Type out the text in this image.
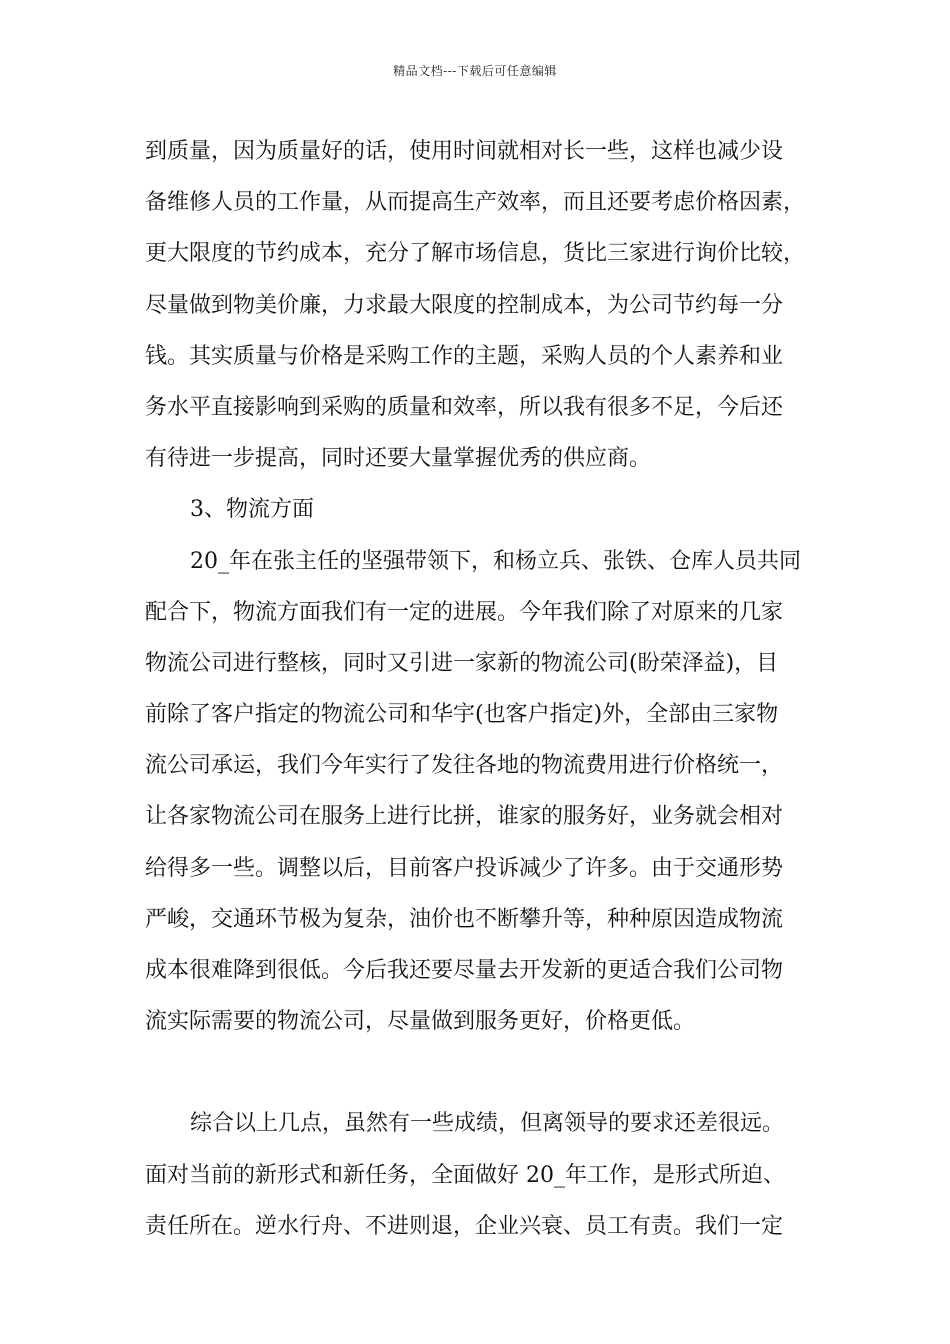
精品文档---下载后可任意编辑
到质量，因为质量好的话，使用时间就相对长一些，这样也减少设
备维修人员的工作量，从而提高生产效率，而且还要考虑价格因素，
更大限度的节约成本，充分了解市场信息，货比三家进行询价比较，
尽量做到物美价廉，力求最大限度的控制成本，为公司节约每一分
钱。其实质量与价格是采购工作的主题，采购人员的个人素养和业
务水平直接影响到采购的质量和效率，所以我有很多不足，今后还
有待进一步提高，同时还要大量掌握优秀的供应商。
3、物流方面
20_年在张主任的坚强带领下，和杨立兵、张铁、仓库人员共同
配合下，物流方面我们有一定的进展。今年我们除了对原来的几家
物流公司进行整核，同时又引进一家新的物流公司(盼荣泽益)，目
前除了客户指定的物流公司和华宇(也客户指定)外，全部由三家物
流公司承运，我们今年实行了发往各地的物流费用进行价格统一，
让各家物流公司在服务上进行比拼，谁家的服务好，业务就会相对
给得多一些。调整以后，目前客户投诉减少了许多。由于交通形势
严峻，交通环节极为复杂，油价也不断攀升等，种种原因造成物流
成本很难降到很低。今后我还要尽量去开发新的更适合我们公司物
流实际需要的物流公司，尽量做到服务更好，价格更低。
综合以上几点，虽然有一些成绩，但离领导的要求还差很远。
面对当前的新形式和新任务，全面做好 20_年工作，是形式所迫、
责任所在。逆水行舟、不进则退，企业兴衰、员工有责。我们一定
